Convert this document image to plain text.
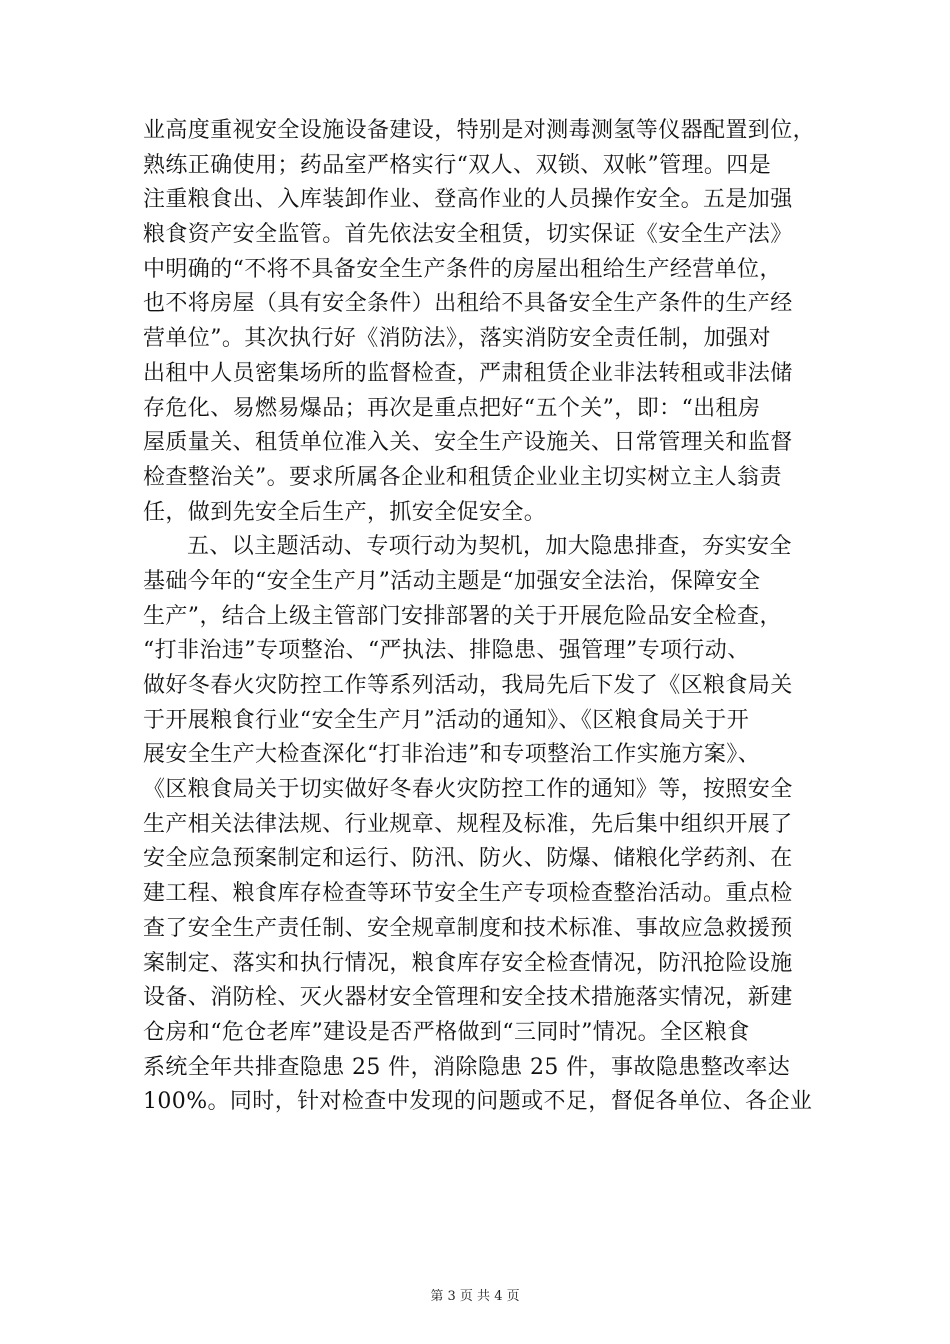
业高度重视安全设施设备建设，特别是对测毒测氢等仪器配置到位，
熟练正确使用；药品室严格实行“双人、双锁、双帐”管理。四是
注重粮食出、入库装卸作业、登高作业的人员操作安全。五是加强
粮食资产安全监管。首先依法安全租赁，切实保证《安全生产法》
中明确的“不将不具备安全生产条件的房屋出租给生产经营单位，
也不将房屋（具有安全条件）出租给不具备安全生产条件的生产经
营单位”。其次执行好《消防法》，落实消防安全责任制，加强对
出租中人员密集场所的监督检查，严肃租赁企业非法转租或非法储
存危化、易燃易爆品；再次是重点把好“五个关”，即：“出租房
屋质量关、租赁单位准入关、安全生产设施关、日常管理关和监督
检查整治关”。要求所属各企业和租赁企业业主切实树立主人翁责
任，做到先安全后生产，抓安全促安全。
五、以主题活动、专项行动为契机，加大隐患排查，夯实安全
基础今年的“安全生产月”活动主题是“加强安全法治，保障安全
生产”，结合上级主管部门安排部署的关于开展危险品安全检查，
“打非治违”专项整治、“严执法、排隐患、强管理”专项行动、
做好冬春火灾防控工作等系列活动，我局先后下发了《区粮食局关
于开展粮食行业“安全生产月”活动的通知》、《区粮食局关于开
展安全生产大检查深化“打非治违”和专项整治工作实施方案》、
《区粮食局关于切实做好冬春火灾防控工作的通知》等，按照安全
生产相关法律法规、行业规章、规程及标准，先后集中组织开展了
安全应急预案制定和运行、防汛、防火、防爆、储粮化学药剂、在
建工程、粮食库存检查等环节安全生产专项检查整治活动。重点检
查了安全生产责任制、安全规章制度和技术标准、事故应急救援预
案制定、落实和执行情况，粮食库存安全检查情况，防汛抢险设施
设备、消防栓、灭火器材安全管理和安全技术措施落实情况，新建
仓房和“危仓老库”建设是否严格做到“三同时”情况。全区粮食
系统全年共排查隐患 25 件，消除隐患 25 件，事故隐患整改率达
100%。同时，针对检查中发现的问题或不足，督促各单位、各企业
第 3 页 共 4 页
